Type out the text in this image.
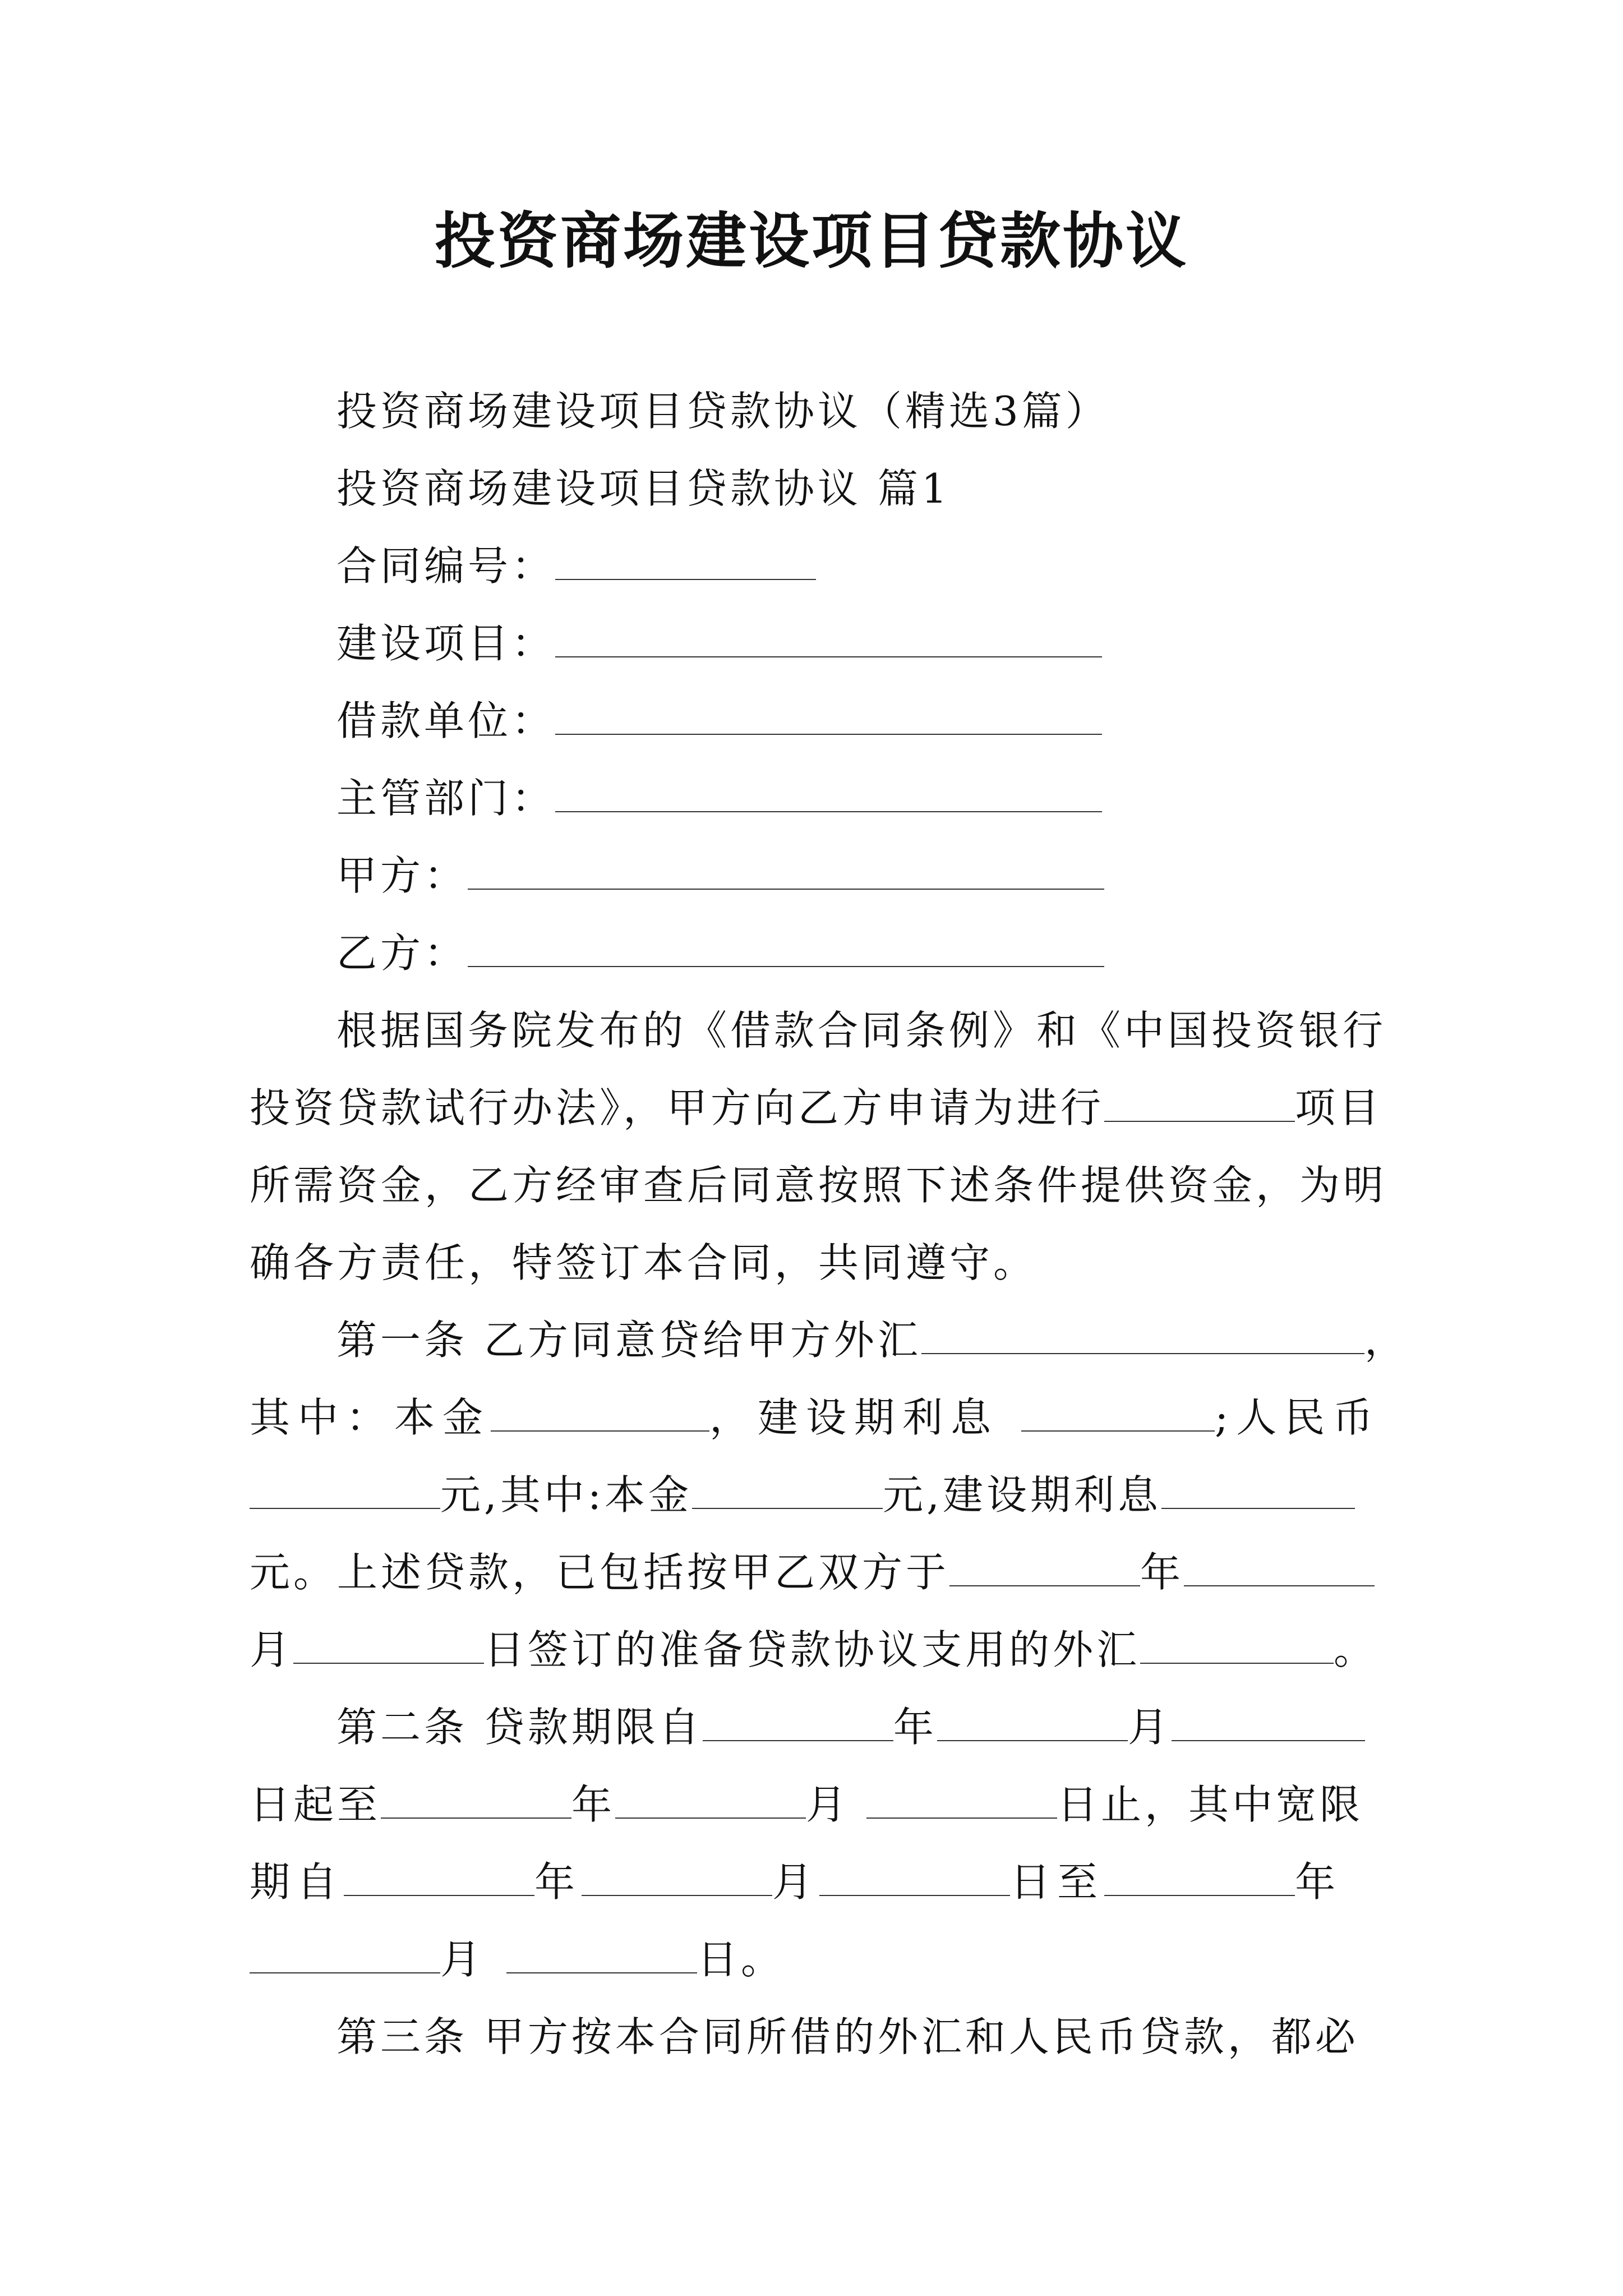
投资商场建设项目贷款协议
投资商场建设项目贷款协议（精选3篇）
投资商场建设项目贷款协议 篇1
合同编号：
建设项目：
借款单位：
主管部门：
甲方：
乙方：
根据国务院发布的《借款合同条例》和《中国投资银行
投资贷款试行办法》，甲方向乙方申请为进行	项目
所需资金，乙方经审查后同意按照下述条件提供资金，为明
确各方责任，特签订本合同，共同遵守。
第一条 乙方同意贷给甲方外汇	，
其中：本金	，建设期利息	;人民币
元,其中:本金	元,建设期利息
元。上述贷款，已包括按甲乙双方于	年
月	日签订的准备贷款协议支用的外汇	。
第二条 贷款期限自	年	月
日起至	年	月	日止，其中宽限
期自	年	月	日至	年
月	日。
第三条 甲方按本合同所借的外汇和人民币贷款，都必
